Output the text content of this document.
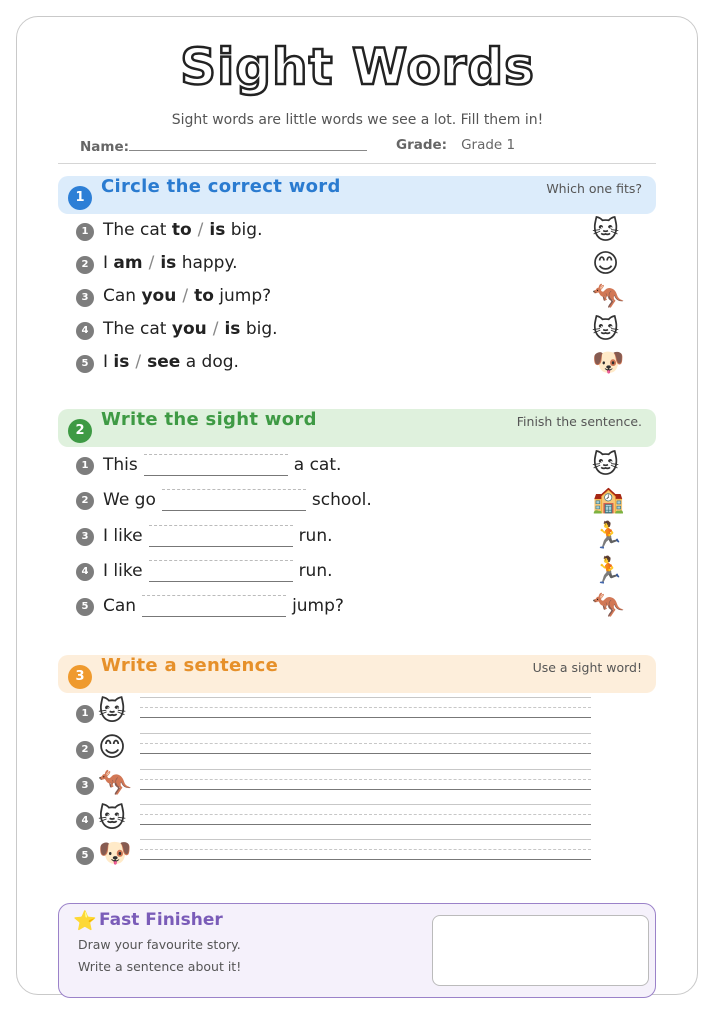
Sight Words
Sight words are little words we see a lot. Fill them in!
Name:	Grade: Grade 1
1
Circle the correct word	Which one fits?
1 The cat to / is big.	🐱
2 I am / is happy.	😊
3 Can you / to jump?	🦘
4 The cat you / is big.	🐱
5 I is / see a dog.	🐶
2
Write the sight word	Finish the sentence.
1 This	a cat.	🐱
2 We go	school.	🏫
3 I like	run.	🏃
4 I like	run.	🏃
5 Can	jump?	🦘
3
Write a sentence	Use a sight word!
1 🐱
2 😊
3 🦘
4 🐱
5 🐶
⭐ Fast Finisher
Draw your favourite story.
Write a sentence about it!
